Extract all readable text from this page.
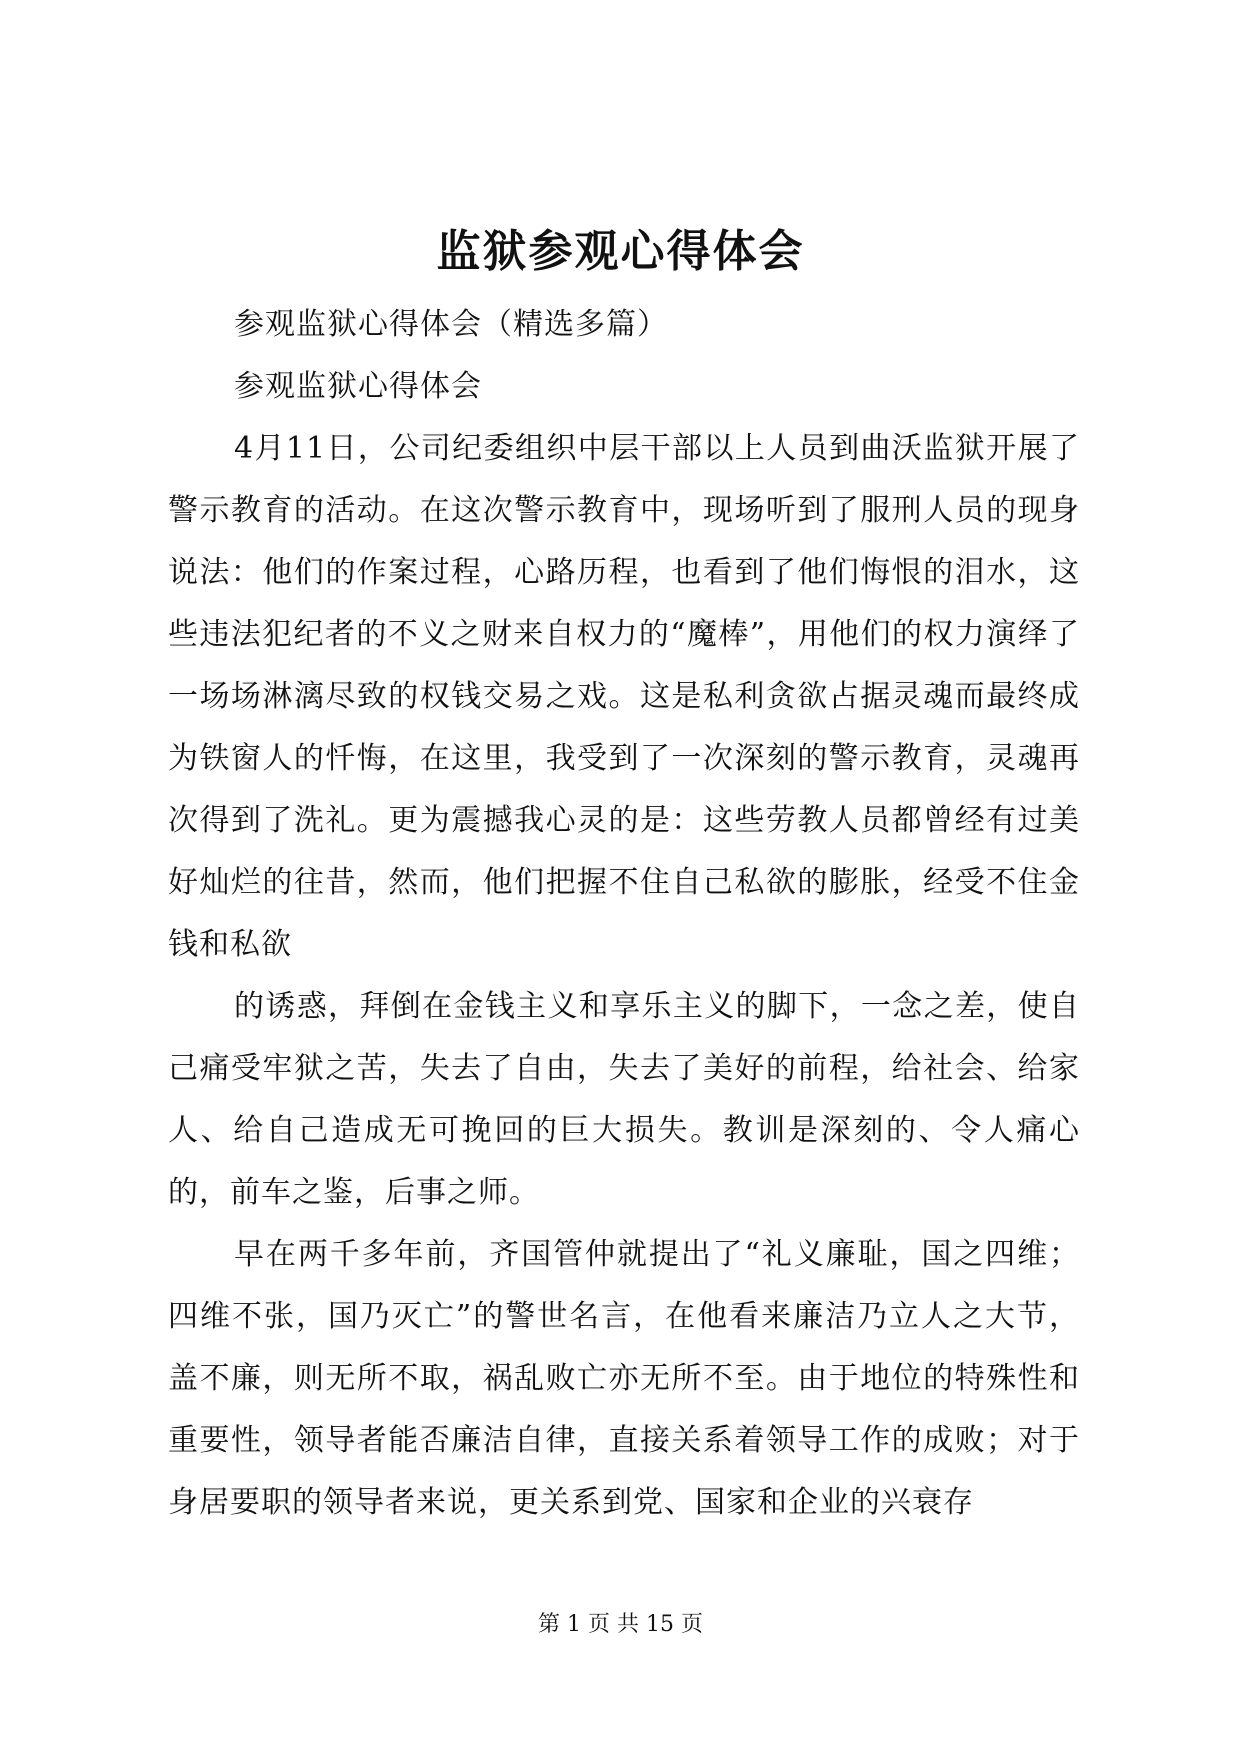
监狱参观心得体会

参观监狱心得体会（精选多篇）

参观监狱心得体会

4月11日，公司纪委组织中层干部以上人员到曲沃监狱开展了警示教育的活动。在这次警示教育中，现场听到了服刑人员的现身说法：他们的作案过程，心路历程，也看到了他们悔恨的泪水，这些违法犯纪者的不义之财来自权力的“魔棒”，用他们的权力演绎了一场场淋漓尽致的权钱交易之戏。这是私利贪欲占据灵魂而最终成为铁窗人的忏悔，在这里，我受到了一次深刻的警示教育，灵魂再次得到了洗礼。更为震撼我心灵的是：这些劳教人员都曾经有过美好灿烂的往昔，然而，他们把握不住自己私欲的膨胀，经受不住金钱和私欲

的诱惑，拜倒在金钱主义和享乐主义的脚下，一念之差，使自己痛受牢狱之苦，失去了自由，失去了美好的前程，给社会、给家人、给自己造成无可挽回的巨大损失。教训是深刻的、令人痛心的，前车之鉴，后事之师。

早在两千多年前，齐国管仲就提出了“礼义廉耻，国之四维；四维不张，国乃灭亡”的警世名言，在他看来廉洁乃立人之大节，盖不廉，则无所不取，祸乱败亡亦无所不至。由于地位的特殊性和重要性，领导者能否廉洁自律，直接关系着领导工作的成败；对于身居要职的领导者来说，更关系到党、国家和企业的兴衰存

第 1 页 共 15 页
